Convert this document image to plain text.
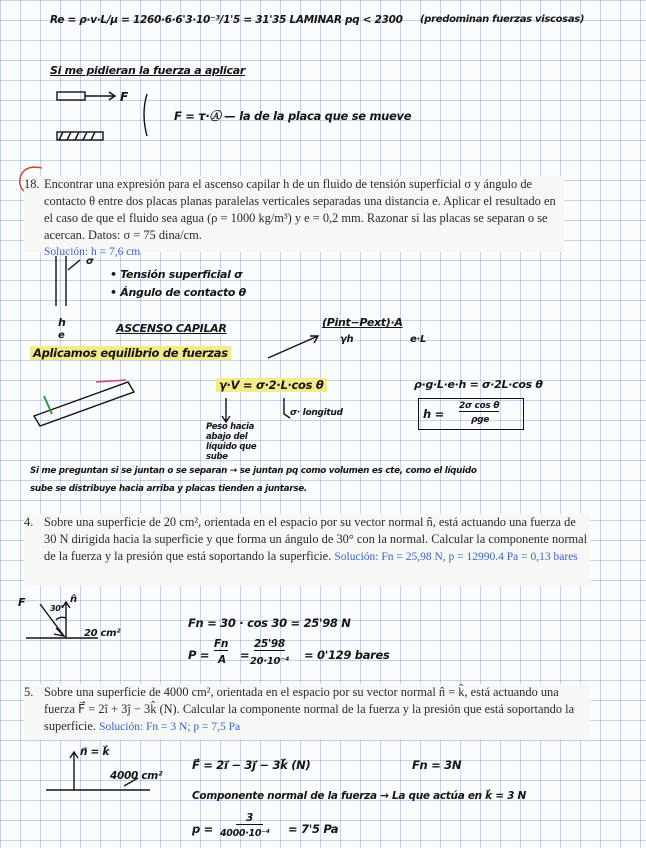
Re = ρ·v·L/μ = 1260·6·6'3·10⁻³/1'5 = 31'35 LAMINAR pq < 2300 (predominan fuerzas viscosas)
Si me pidieran la fuerza a aplicar
F
F = τ·Ⓐ — la de la placa que se mueve
18. Encontrar una expresión para el ascenso capilar h de un fluido de tensión superficial σ y ángulo de contacto θ entre dos placas planas paralelas verticales separadas una distancia e. Aplicar el resultado en el caso de que el fluido sea agua (ρ = 1000 kg/m³) y e = 0,2 mm. Razonar si las placas se separan o se acercan. Datos: σ = 75 dina/cm.
Solución: h = 7,6 cm
σ
• Tensión superficial σ
• Ángulo de contacto θ
h
e
ASCENSO CAPILAR	(Pint−Pext)·A
γh	e·L
Aplicamos equilibrio de fuerzas
γ·V = σ·2·L·cos θ
Peso hacia abajo del líquido que sube
σ· longitud
ρ·g·L·e·h = σ·2L·cos θ
h =
2σ cos θ
ρge
Si me preguntan si se juntan o se separan → se juntan pq como volumen es cte, como el líquido
sube se distribuye hacia arriba y placas tienden a juntarse.
4. Sobre una superficie de 20 cm², orientada en el espacio por su vector normal n̂, está actuando una fuerza de 30 N dirigida hacia la superficie y que forma un ángulo de 30° con la normal. Calcular la componente normal de la fuerza y la presión que está soportando la superficie. Solución: Fn = 25,98 N, p = 12990.4 Pa = 0,13 bares
F	30°
n̂
20 cm²
Fn = 30 · cos 30 = 25'98 N
P =
Fn
A =
25'98
20·10⁻⁴ = 0'129 bares
5. Sobre una superficie de 4000 cm², orientada en el espacio por su vector normal n̂ = k̂, está actuando una fuerza F⃗ = 2î + 3ĵ − 3k̂ (N). Calcular la componente normal de la fuerza y la presión que está soportando la superficie. Solución: Fn = 3 N; p = 7,5 Pa
n⃗ = k⃗
4000 cm²
F⃗ = 2i⃗ − 3j⃗ − 3k⃗ (N)	Fn = 3N
Componente normal de la fuerza → La que actúa en k⃗ = 3 N
p =
3
4000·10⁻⁴ = 7'5 Pa
